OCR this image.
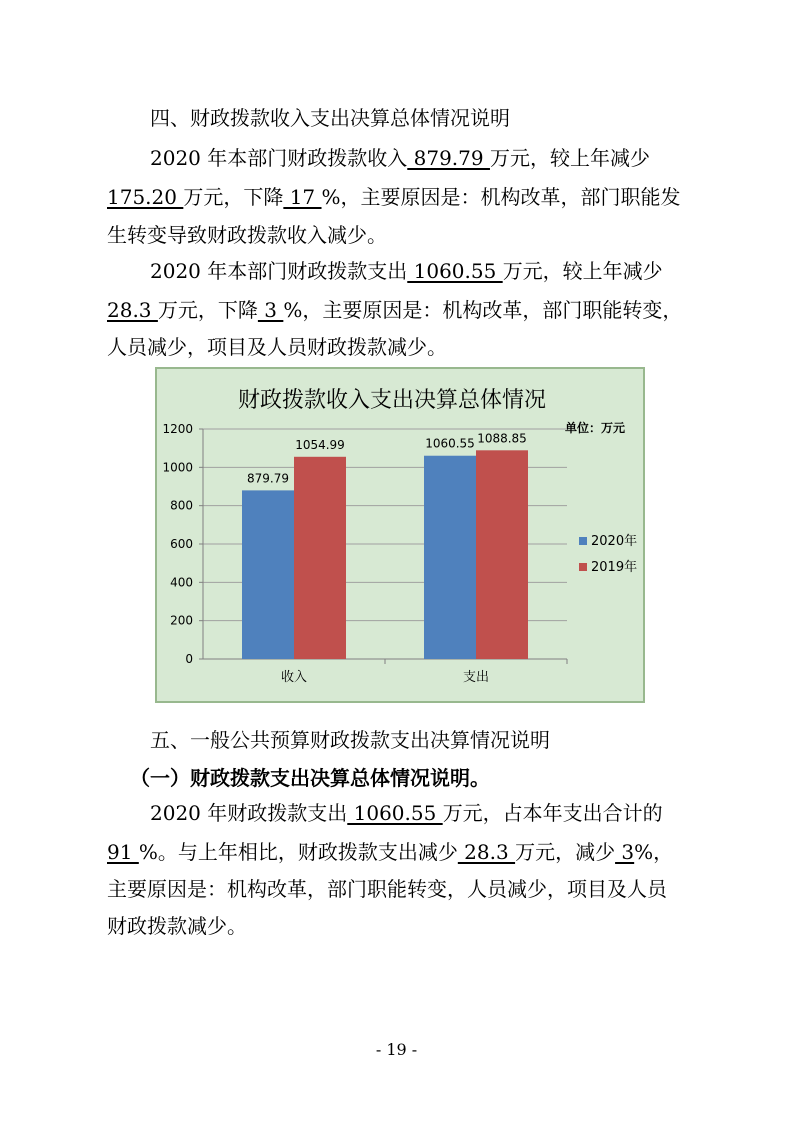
四、财政拨款收入支出决算总体情况说明
2020 年本部门财政拨款收入 879.79 万元，较上年减少
175.20 万元，下降 17 %，主要原因是：机构改革，部门职能发
生转变导致财政拨款收入减少。
2020 年本部门财政拨款支出 1060.55 万元，较上年减少
28.3 万元，下降 3 %，主要原因是：机构改革，部门职能转变，
人员减少，项目及人员财政拨款减少。
财政拨款收入支出决算总体情况
单位：万元
0
200
400
600
800
1000
1200
收入
879.79
1054.99
支出
1060.55 1088.85
2020年
2019年
五、一般公共预算财政拨款支出决算情况说明
（一）财政拨款支出决算总体情况说明。
2020 年财政拨款支出 1060.55 万元，占本年支出合计的
91 %。与上年相比，财政拨款支出减少 28.3 万元，减少 3%，
主要原因是：机构改革，部门职能转变，人员减少，项目及人员
财政拨款减少。
- 19 -
